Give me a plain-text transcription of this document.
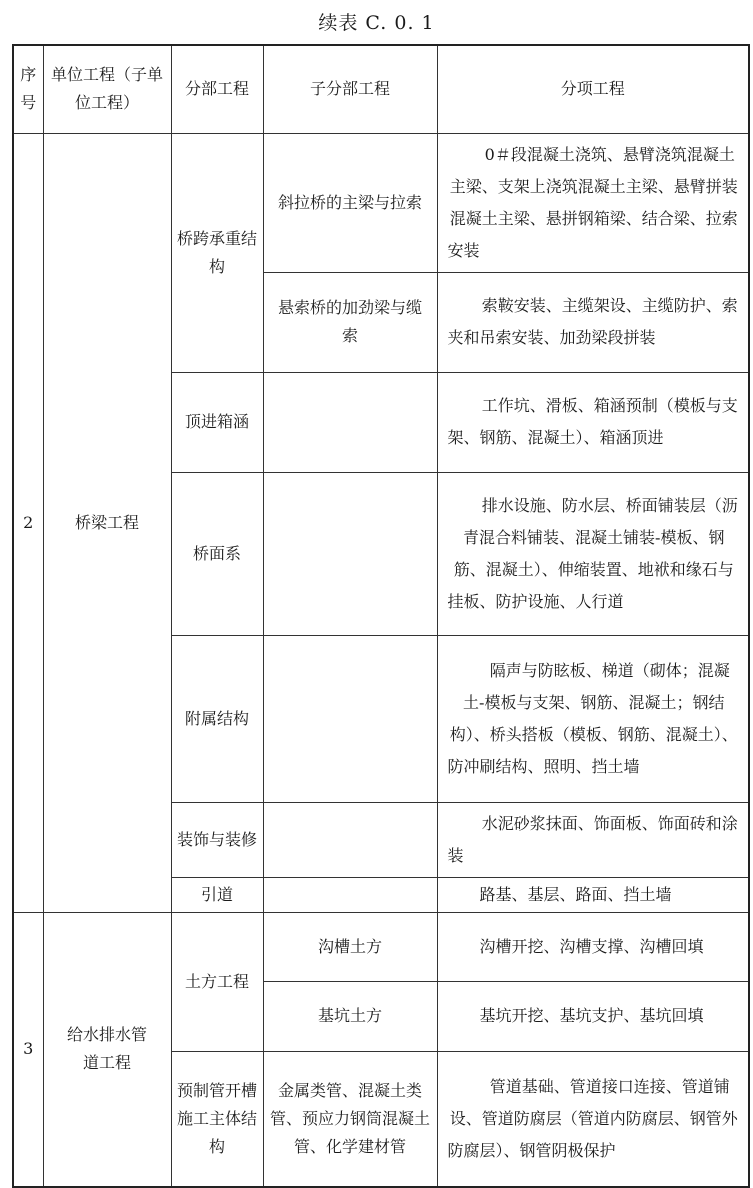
续表 C. 0. 1
序号	单位工程（子单位工程）	分部工程	子分部工程	分项工程

2	桥梁工程	桥跨承重结构	斜拉桥的主梁与拉索	0＃段混凝土浇筑、悬臂浇筑混凝土主梁、支架上浇筑混凝土主梁、悬臂拼装混凝土主梁、悬拼钢箱梁、结合梁、拉索安装

			悬索桥的加劲梁与缆索	索鞍安装、主缆架设、主缆防护、索夹和吊索安装、加劲梁段拼装

		顶进箱涵		工作坑、滑板、箱涵预制（模板与支架、钢筋、混凝土）、箱涵顶进

		桥面系		排水设施、防水层、桥面铺装层（沥青混合料铺装、混凝土铺装-模板、钢筋、混凝土）、伸缩装置、地袱和缘石与挂板、防护设施、人行道

		附属结构		隔声与防眩板、梯道（砌体；混凝土-模板与支架、钢筋、混凝土；钢结构）、桥头搭板（模板、钢筋、混凝土）、防冲刷结构、照明、挡土墙

		装饰与装修		水泥砂浆抹面、饰面板、饰面砖和涂装

		引道		路基、基层、路面、挡土墙

3	给水排水管道工程	土方工程	沟槽土方	沟槽开挖、沟槽支撑、沟槽回填

			基坑土方	基坑开挖、基坑支护、基坑回填

		预制管开槽施工主体结构	金属类管、混凝土类管、预应力钢筒混凝土管、化学建材管	管道基础、管道接口连接、管道铺设、管道防腐层（管道内防腐层、钢管外防腐层）、钢管阴极保护
